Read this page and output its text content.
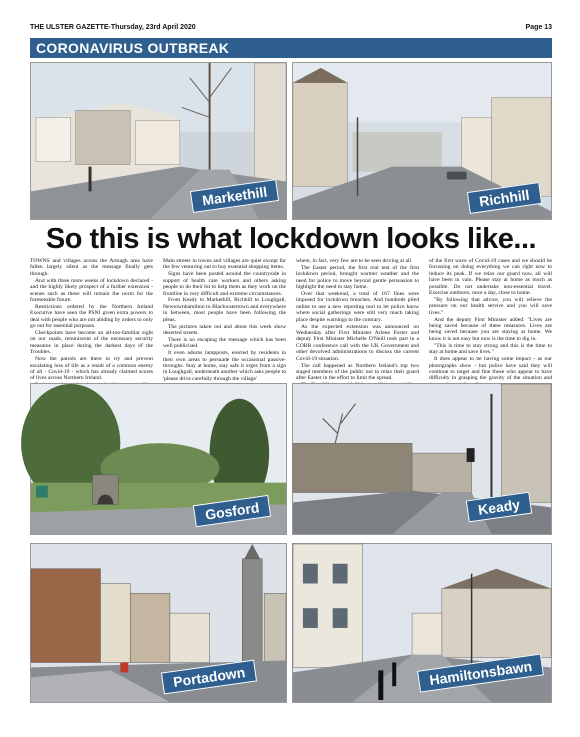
THE ULSTER GAZETTE-Thursday, 23rd April 2020	Page 13
CORONAVIRUS OUTBREAK
Markethill	Richhill
So this is what lockdown looks like...

TOWNS and villages across the Armagh area have fallen largely silent as the message finally gets through.

And with three more weeks of lockdown declared - and the highly likely prospect of a further extension - scenes such as these will remain the norm for the foreseeable future.

Restrictions ordered by the Northern Ireland Executive have seen the PSNI given extra powers to deal with people who are not abiding by orders to only go out for essential purposes.

Checkpoints have become an all-too-familiar sight on our roads, reminiscent of the necessary security measures in place during the darkest days of the Troubles.

Now the patrols are there to try and prevent escalating loss of life as a result of a common enemy of all - Covid-19 - which has already claimed scores of lives across Northern Ireland.

Main streets in towns and villages are quiet except for the few venturing out to buy essential shopping items.

Signs have been posted around the countryside in support of health care workers and others asking people to do their bit to help them as they work on the frontline in very difficult and extreme circumstances.

From Keady to Markethill, Richhill to Loughgall, Newtownhamilton to Blackwatertown and everywhere in between, most people have been following the pleas.

The pictures taken out and about this week show deserted streets.

There is no escaping the message which has been well publicised.

It even adorns lampposts, erected by residents in their own areas to persuade the occasional passive-throughs. Stay at home, stay safe it urges from a sign in Loughgall, underneath another which asks people to 'please drive carefully through the village'

where, in fact, very few are to be seen driving at all.

The Easter period, the first real test of the first lockdown period, brought warmer weather and the need for police to move beyond gentle persuasion to highlight the need to stay home.

Over that weekend, a total of 167 fines were imposed for lockdown breaches. And hundreds piled online to use a new reporting tool to let police know where social gatherings were still very much taking place despite warnings to the contrary.

As the expected extension was announced on Wednesday after First Minister Arlene Foster and deputy First Minister Michelle O'Neill took part in a COBR conference call with the UK Government and other devolved administrations to discuss the current Covid-19 situation.

The call happened as Northern Ireland's top two staged members of the public not to relax their guard after Easter in the effort to limit the spread.

of the first wave of Covid-19 cases and we should be focussing on doing everything we can right now to reduce its peak. If we relax our guard now, all will have been in vain. Please stay at home as much as possible. Do not undertake non-essential travel. Exercise outdoors, once a day, close to home.

"By following that advice, you will relieve the pressure on our health service and you will save lives."

And the deputy First Minister added: "Lives are being saved because of these measures. Lives are being saved because you are staying at home. We know it is not easy but now is the time to dig in.

"This is time to stay strong and this is the time to stay at home and save lives."

It does appear to be having some impact - as our photographs show - but police have said they will continue to target and fine those who appear to have difficulty in grasping the gravity of the situation and

Gosford	Keady
Portadown	Hamiltonsbawn
